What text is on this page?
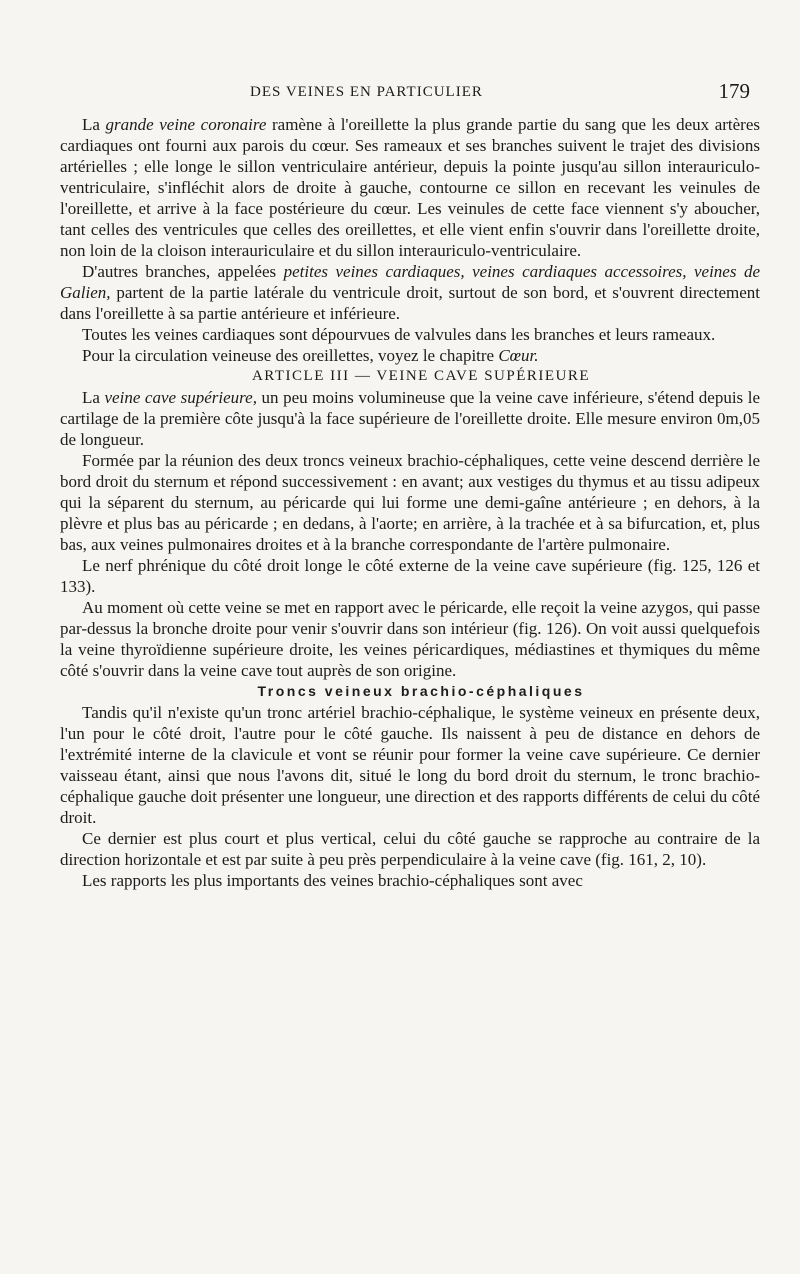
DES VEINES EN PARTICULIER	179

La grande veine coronaire ramène à l'oreillette la plus grande partie du sang que les deux artères cardiaques ont fourni aux parois du cœur. Ses rameaux et ses branches suivent le trajet des divisions artérielles ; elle longe le sillon ventriculaire antérieur, depuis la pointe jusqu'au sillon interauriculo-ventriculaire, s'infléchit alors de droite à gauche, contourne ce sillon en recevant les veinules de l'oreillette, et arrive à la face postérieure du cœur. Les veinules de cette face viennent s'y aboucher, tant celles des ventricules que celles des oreillettes, et elle vient enfin s'ouvrir dans l'oreillette droite, non loin de la cloison interauriculaire et du sillon interauriculo-ventriculaire.

D'autres branches, appelées petites veines cardiaques, veines cardiaques accessoires, veines de Galien, partent de la partie latérale du ventricule droit, surtout de son bord, et s'ouvrent directement dans l'oreillette à sa partie antérieure et inférieure.

Toutes les veines cardiaques sont dépourvues de valvules dans les branches et leurs rameaux.

Pour la circulation veineuse des oreillettes, voyez le chapitre Cœur.

ARTICLE III — VEINE CAVE SUPÉRIEURE

La veine cave supérieure, un peu moins volumineuse que la veine cave inférieure, s'étend depuis le cartilage de la première côte jusqu'à la face supérieure de l'oreillette droite. Elle mesure environ 0m,05 de longueur.

Formée par la réunion des deux troncs veineux brachio-céphaliques, cette veine descend derrière le bord droit du sternum et répond successivement : en avant; aux vestiges du thymus et au tissu adipeux qui la séparent du sternum, au péricarde qui lui forme une demi-gaîne antérieure ; en dehors, à la plèvre et plus bas au péricarde ; en dedans, à l'aorte; en arrière, à la trachée et à sa bifurcation, et, plus bas, aux veines pulmonaires droites et à la branche correspondante de l'artère pulmonaire.

Le nerf phrénique du côté droit longe le côté externe de la veine cave supérieure (fig. 125, 126 et 133).

Au moment où cette veine se met en rapport avec le péricarde, elle reçoit la veine azygos, qui passe par-dessus la bronche droite pour venir s'ouvrir dans son intérieur (fig. 126). On voit aussi quelquefois la veine thyroïdienne supérieure droite, les veines péricardiques, médiastines et thymiques du même côté s'ouvrir dans la veine cave tout auprès de son origine.

Troncs veineux brachio-céphaliques

Tandis qu'il n'existe qu'un tronc artériel brachio-céphalique, le système veineux en présente deux, l'un pour le côté droit, l'autre pour le côté gauche. Ils naissent à peu de distance en dehors de l'extrémité interne de la clavicule et vont se réunir pour former la veine cave supérieure. Ce dernier vaisseau étant, ainsi que nous l'avons dit, situé le long du bord droit du sternum, le tronc brachio-céphalique gauche doit présenter une longueur, une direction et des rapports différents de celui du côté droit.

Ce dernier est plus court et plus vertical, celui du côté gauche se rapproche au contraire de la direction horizontale et est par suite à peu près perpendiculaire à la veine cave (fig. 161, 2, 10).

Les rapports les plus importants des veines brachio-céphaliques sont avec
